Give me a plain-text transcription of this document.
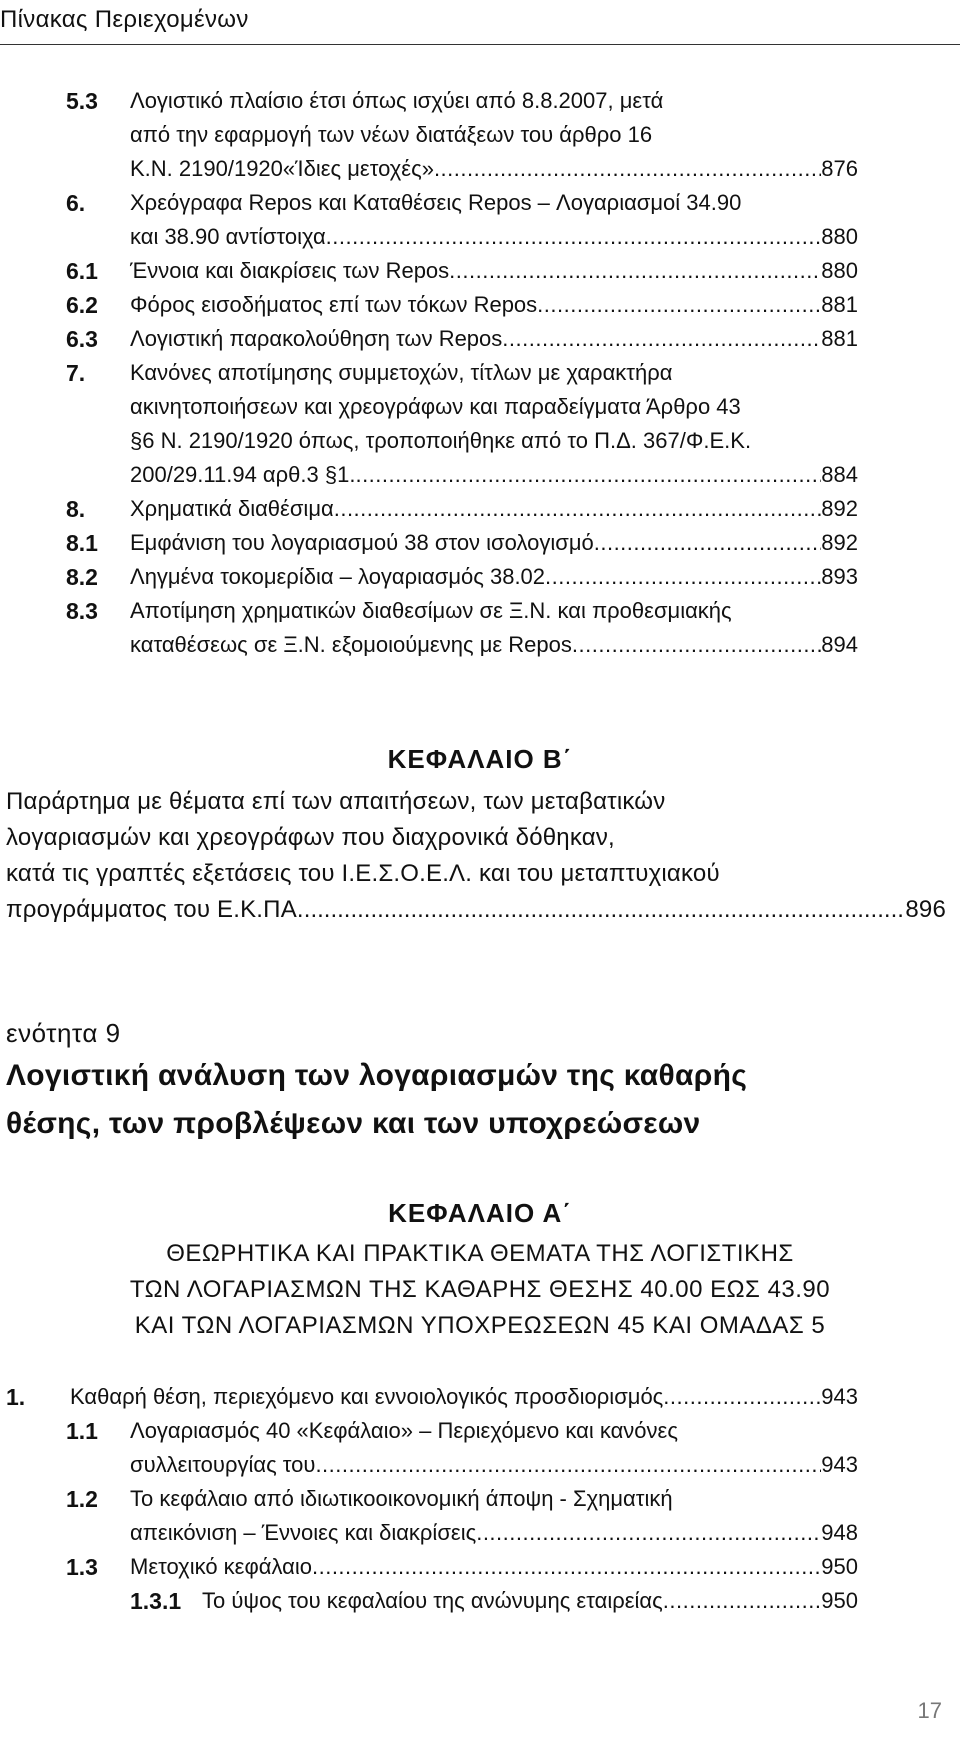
Πίνακας Περιεχομένων
5.3 Λογιστικό πλαίσιο έτσι όπως ισχύει από 8.8.2007, μετά
από την εφαρμογή των νέων διατάξεων του άρθρο 16
Κ.Ν. 2190/1920«Ίδιες μετοχές» .....	876
6. Χρεόγραφα Repos και Καταθέσεις Repos – Λογαριασμοί 34.90
και 38.90 αντίστοιχα .....	880
6.1 Έννοια και διακρίσεις των Repos .....	880
6.2 Φόρος εισοδήματος επί των τόκων Repos .....	881
6.3 Λογιστική παρακολούθηση των Repos .....	881
7. Κανόνες αποτίμησης συμμετοχών, τίτλων με χαρακτήρα
ακινητοποιήσεων και χρεογράφων και παραδείγματα Άρθρο 43
§6 Ν. 2190/1920 όπως, τροποποιήθηκε από το Π.Δ. 367/Φ.Ε.Κ.
200/29.11.94 αρθ.3 §1. .....	884
8. Χρηματικά διαθέσιμα .....	892
8.1 Εμφάνιση του λογαριασμού 38 στον ισολογισμό .....	892
8.2 Ληγμένα τοκομερίδια – λογαριασμός 38.02 .....	893
8.3 Αποτίμηση χρηματικών διαθεσίμων σε Ξ.Ν. και προθεσμιακής
καταθέσεως σε Ξ.Ν. εξομοιούμενης με Repos .....	894
ΚΕΦΑΛΑΙΟ Β΄
Παράρτημα με θέματα επί των απαιτήσεων, των μεταβατικών
λογαριασμών και χρεογράφων που διαχρονικά δόθηκαν,
κατά τις γραπτές εξετάσεις του Ι.Ε.Σ.Ο.Ε.Λ. και του μεταπτυχιακού
προγράμματος του Ε.Κ.ΠΑ. .....	896
ενότητα 9
Λογιστική ανάλυση των λογαριασμών της καθαρής
θέσης, των προβλέψεων και των υποχρεώσεων
ΚΕΦΑΛΑΙΟ Α΄
ΘΕΩΡΗΤΙΚΑ ΚΑΙ ΠΡΑΚΤΙΚΑ ΘΕΜΑΤΑ ΤΗΣ ΛΟΓΙΣΤΙΚΗΣ
ΤΩΝ ΛΟΓΑΡΙΑΣΜΩΝ ΤΗΣ ΚΑΘΑΡΗΣ ΘΕΣΗΣ 40.00 ΕΩΣ 43.90
ΚΑΙ ΤΩΝ ΛΟΓΑΡΙΑΣΜΩΝ ΥΠΟΧΡΕΩΣΕΩΝ 45 ΚΑΙ ΟΜΑΔΑΣ 5
1. Καθαρή θέση, περιεχόμενο και εννοιολογικός προσδιορισμός .....	943
1.1 Λογαριασμός 40 «Κεφάλαιο» – Περιεχόμενο και κανόνες
συλλειτουργίας του .....	943
1.2 Το κεφάλαιο από ιδιωτικοοικονομική άποψη - Σχηματική
απεικόνιση – Έννοιες και διακρίσεις .....	948
1.3 Μετοχικό κεφάλαιο .....	950
1.3.1 Το ύψος του κεφαλαίου της ανώνυμης εταιρείας .....	950
17
